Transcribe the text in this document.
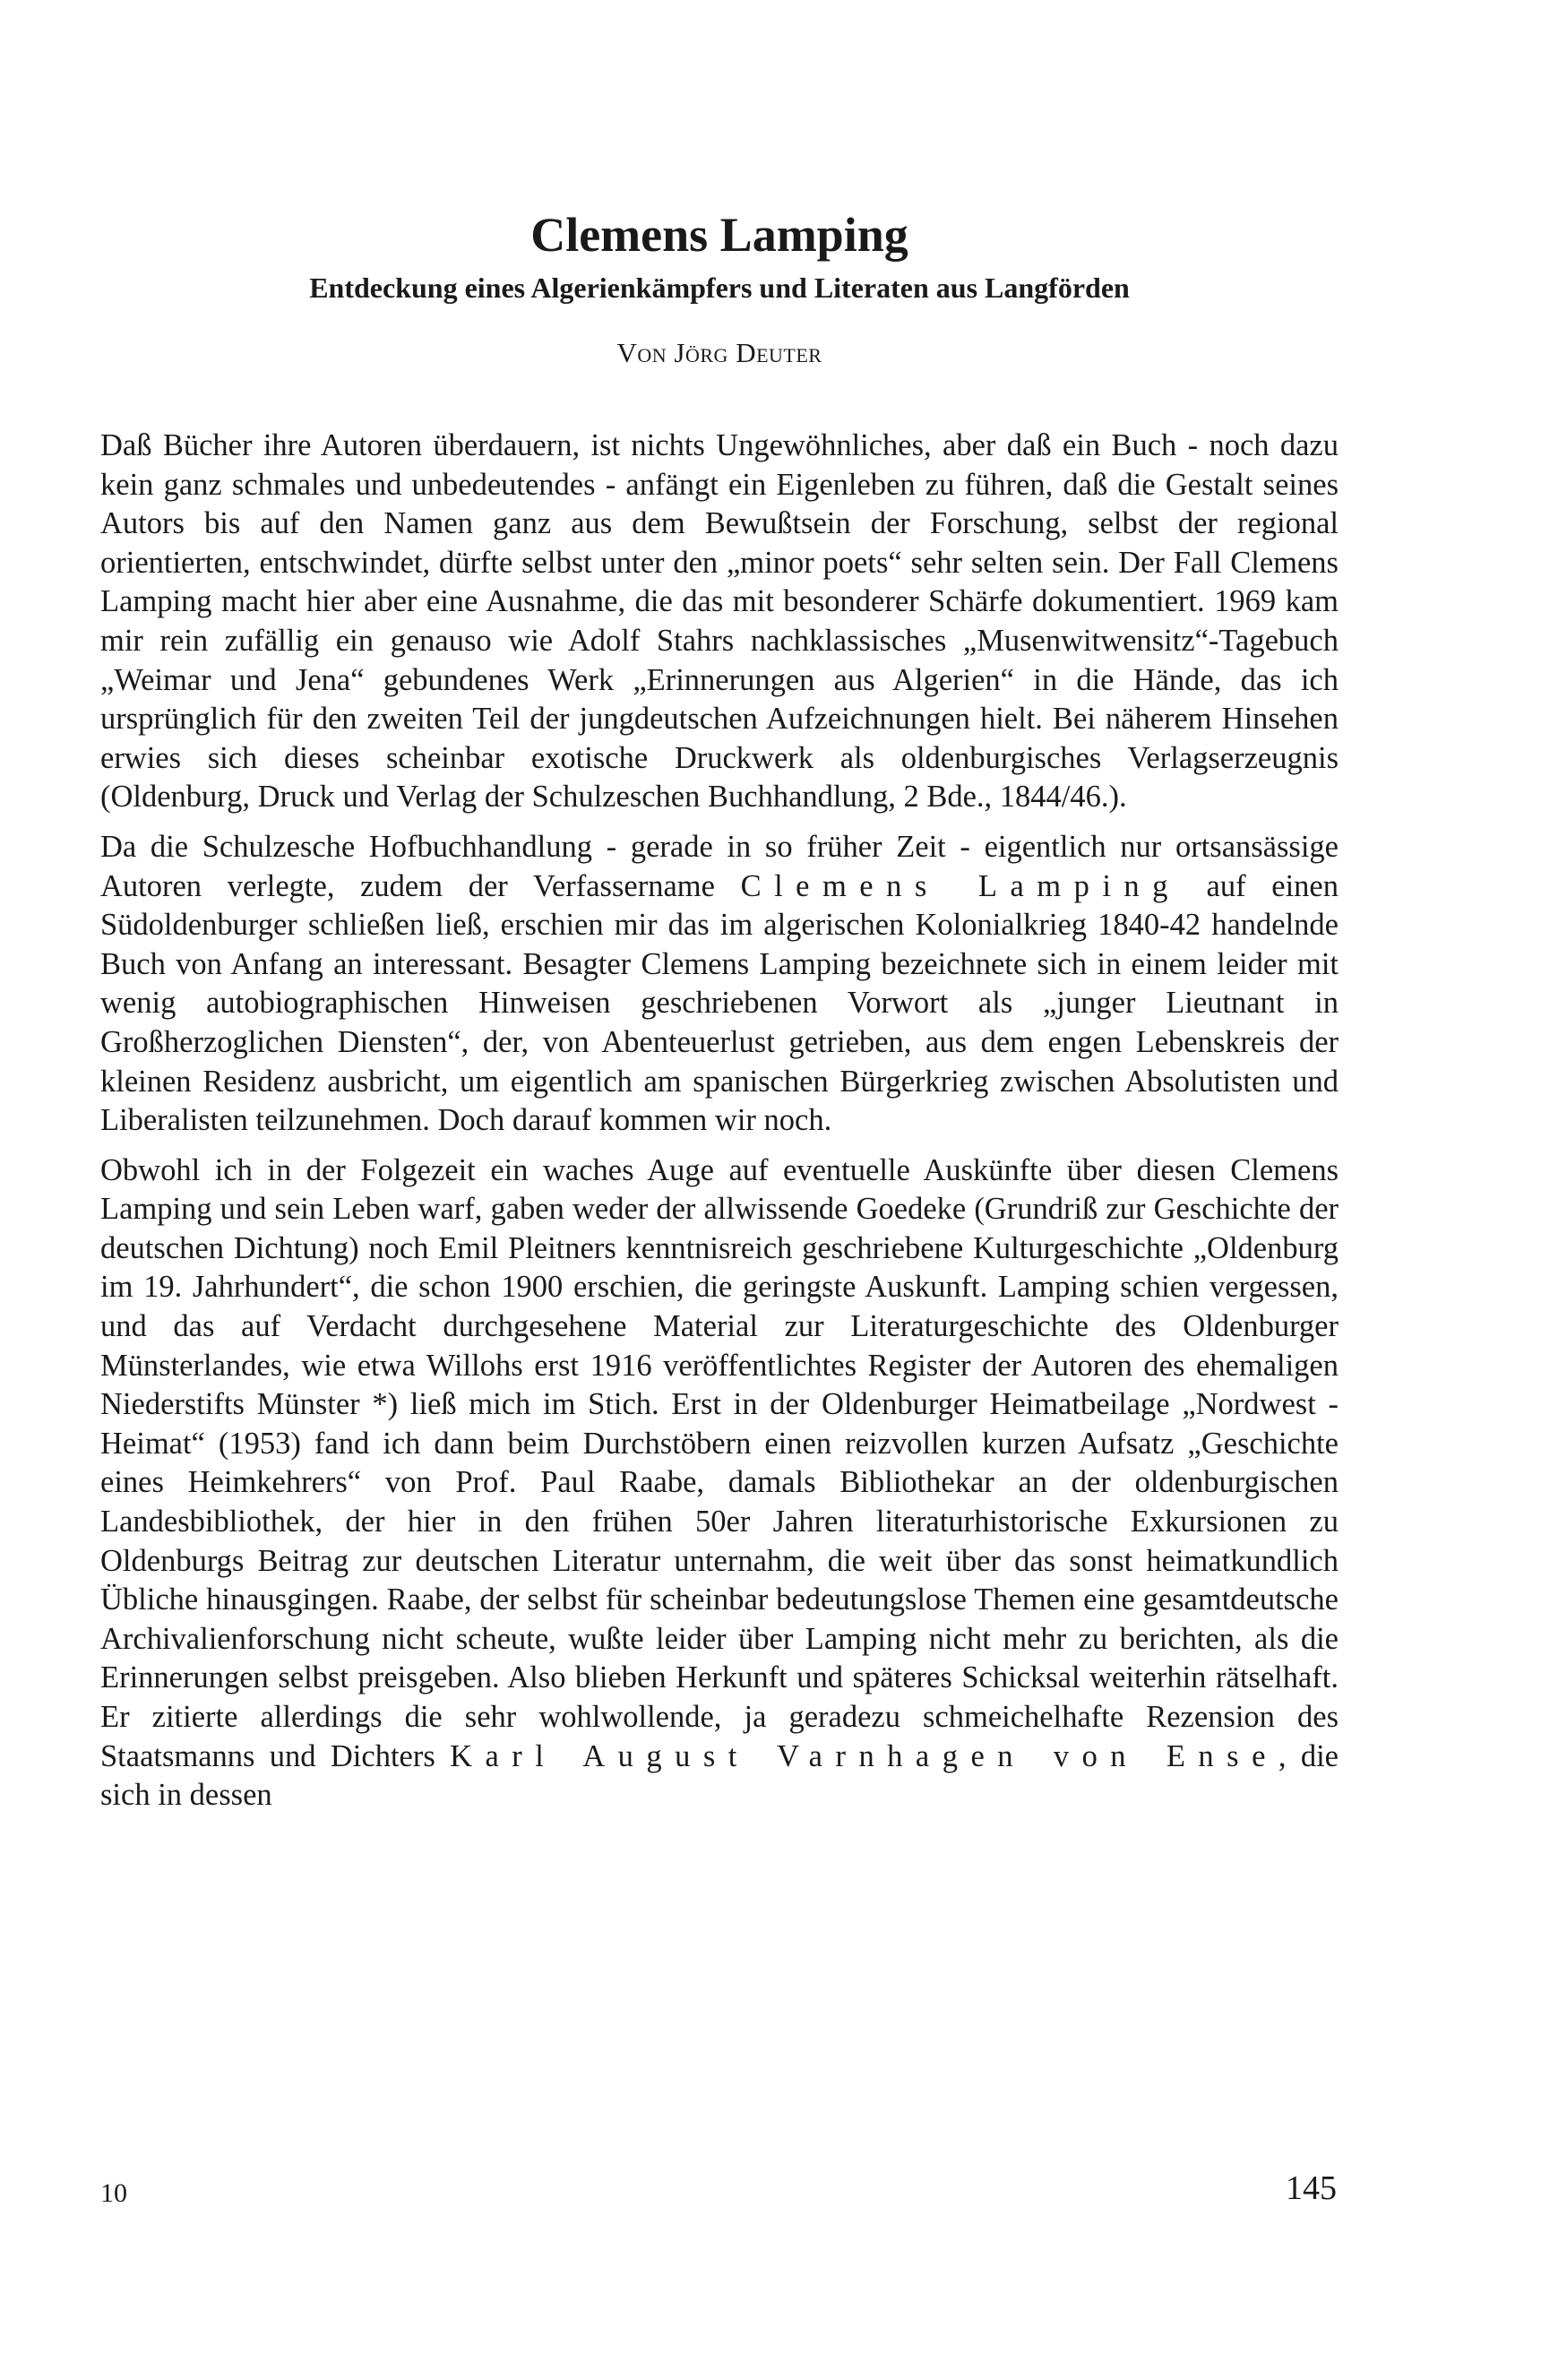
Clemens Lamping
Entdeckung eines Algerienkämpfers und Literaten aus Langförden
Von Jörg Deuter

Daß Bücher ihre Autoren überdauern, ist nichts Ungewöhnliches, aber daß ein Buch - noch dazu kein ganz schmales und unbedeutendes - anfängt ein Eigenleben zu führen, daß die Gestalt seines Autors bis auf den Namen ganz aus dem Bewußtsein der Forschung, selbst der regional orientierten, entschwindet, dürfte selbst unter den „minor poets“ sehr selten sein. Der Fall Clemens Lamping macht hier aber eine Ausnahme, die das mit besonderer Schärfe dokumentiert. 1969 kam mir rein zufällig ein genauso wie Adolf Stahrs nachklassisches „Musenwitwensitz“-Tagebuch „Weimar und Jena“ gebundenes Werk „Erinnerungen aus Algerien“ in die Hände, das ich ursprünglich für den zweiten Teil der jungdeutschen Aufzeichnungen hielt. Bei näherem Hinsehen erwies sich dieses scheinbar exotische Druckwerk als oldenburgisches Verlagserzeugnis (Oldenburg, Druck und Verlag der Schulzeschen Buchhandlung, 2 Bde., 1844/46.).

Da die Schulzesche Hofbuchhandlung - gerade in so früher Zeit - eigentlich nur ortsansässige Autoren verlegte, zudem der Verfassername Clemens Lamping auf einen Südoldenburger schließen ließ, erschien mir das im algerischen Kolonialkrieg 1840-42 handelnde Buch von Anfang an interessant. Besagter Clemens Lamping bezeichnete sich in einem leider mit wenig autobiographischen Hinweisen geschriebenen Vorwort als „junger Lieutnant in Großherzoglichen Diensten“, der, von Abenteuerlust getrieben, aus dem engen Lebenskreis der kleinen Residenz ausbricht, um eigentlich am spanischen Bürgerkrieg zwischen Absolutisten und Liberalisten teilzunehmen. Doch darauf kommen wir noch.

Obwohl ich in der Folgezeit ein waches Auge auf eventuelle Auskünfte über diesen Clemens Lamping und sein Leben warf, gaben weder der allwissende Goedeke (Grundriß zur Geschichte der deutschen Dichtung) noch Emil Pleitners kenntnisreich geschriebene Kulturgeschichte „Oldenburg im 19. Jahrhundert“, die schon 1900 erschien, die geringste Auskunft. Lamping schien vergessen, und das auf Verdacht durchgesehene Material zur Literaturgeschichte des Oldenburger Münsterlandes, wie etwa Willohs erst 1916 veröffentlichtes Register der Autoren des ehemaligen Niederstifts Münster *) ließ mich im Stich. Erst in der Oldenburger Heimatbeilage „Nordwest - Heimat“ (1953) fand ich dann beim Durchstöbern einen reizvollen kurzen Aufsatz „Geschichte eines Heimkehrers“ von Prof. Paul Raabe, damals Bibliothekar an der oldenburgischen Landesbibliothek, der hier in den frühen 50er Jahren literaturhistorische Exkursionen zu Oldenburgs Beitrag zur deutschen Literatur unternahm, die weit über das sonst heimatkundlich Übliche hinausgingen. Raabe, der selbst für scheinbar bedeutungslose Themen eine gesamtdeutsche Archivalienforschung nicht scheute, wußte leider über Lamping nicht mehr zu berichten, als die Erinnerungen selbst preisgeben. Also blieben Herkunft und späteres Schicksal weiterhin rätselhaft. Er zitierte allerdings die sehr wohlwollende, ja geradezu schmeichelhafte Rezension des Staatsmanns und Dichters Karl August Varnhagen von Ense, die sich in dessen

10	145
